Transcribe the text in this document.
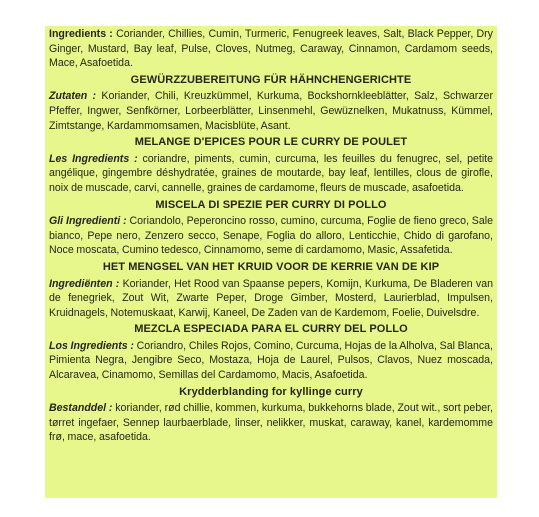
Ingredients : Coriander, Chillies, Cumin, Turmeric, Fenugreek leaves, Salt, Black Pepper, Dry Ginger, Mustard, Bay leaf, Pulse, Cloves, Nutmeg, Caraway, Cinnamon, Cardamom seeds, Mace, Asafoetida.

GEWÜRZZUBEREITUNG FÜR HÄHNCHENGERICHTE

Zutaten : Koriander, Chili, Kreuzkümmel, Kurkuma, Bockshornkleeblätter, Salz, Schwarzer Pfeffer, Ingwer, Senfkörner, Lorbeerblätter, Linsenmehl, Gewüznelken, Mukatnuss, Kümmel, Zimtstange, Kardammomsamen, Macisblüte, Asant.

MELANGE D'EPICES POUR LE CURRY DE POULET

Les Ingredients : coriandre, piments, cumin, curcuma, les feuilles du fenugrec, sel, petite angélique, gingembre déshydratée, graines de moutarde, bay leaf, lentilles, clous de girofle, noix de muscade, carvi, cannelle, graines de cardamome, fleurs de muscade, asafoetida.

MISCELA DI SPEZIE PER CURRY DI POLLO

Gli Ingredienti : Coriandolo, Peperoncino rosso, cumino, curcuma, Foglie de fieno greco, Sale bianco, Pepe nero, Zenzero secco, Senape, Foglia do alloro, Lenticchie, Chido di garofano, Noce moscata, Cumino tedesco, Cinnamomo, seme di cardamomo, Masic, Assafetida.

HET MENGSEL VAN HET KRUID VOOR DE KERRIE VAN DE KIP

Ingrediënten : Koriander, Het Rood van Spaanse pepers, Komijn, Kurkuma, De Bladeren van de fenegriek, Zout Wit, Zwarte Peper, Droge Gimber, Mosterd, Laurierblad, Impulsen, Kruidnagels, Notemuskaat, Karwij, Kaneel, De Zaden van de Kardemom, Foelie, Duivelsdre.

MEZCLA ESPECIADA PARA EL CURRY DEL POLLO

Los Ingredients : Coriandro, Chiles Rojos, Comino, Curcuma, Hojas de la Alholva, Sal Blanca, Pimienta Negra, Jengibre Seco, Mostaza, Hoja de Laurel, Pulsos, Clavos, Nuez moscada, Alcaravea, Cinamomo, Semillas del Cardamomo, Macis, Asafoetida.

Krydderblanding for kyllinge curry

Bestanddel : koriander, rød chillie, kommen, kurkuma, bukkehorns blade, Zout wit., sort peber, tørret ingefaer, Sennep laurbaerblade, linser, nelikker, muskat, caraway, kanel, kardemomme frø, mace, asafoetida.
